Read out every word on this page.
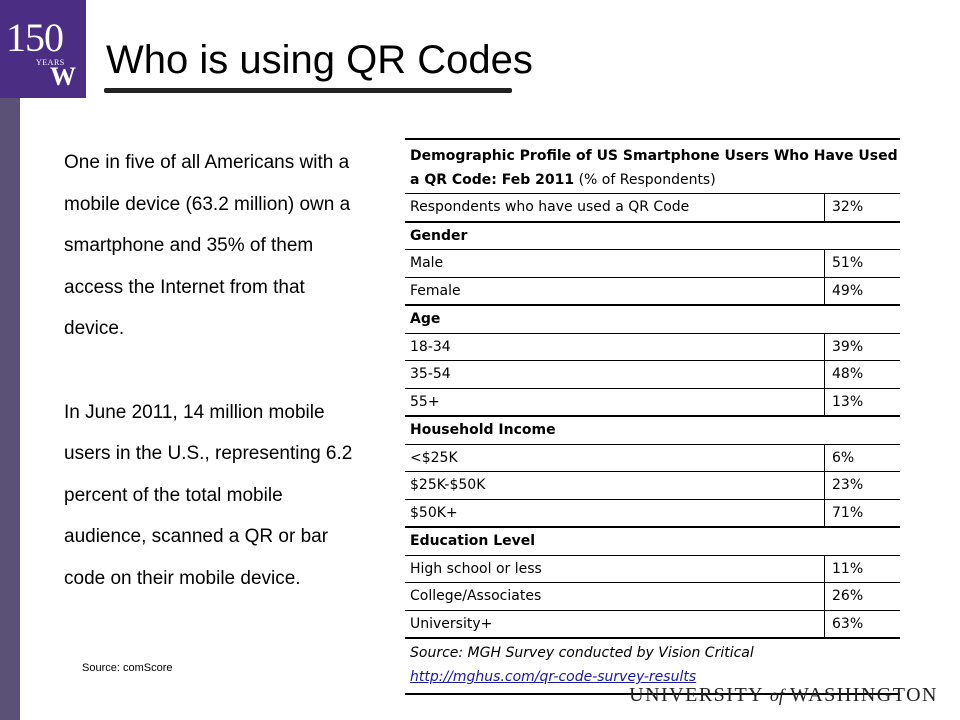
150
YEARS
W Who is using QR Codes

One in five of all Americans with a mobile device (63.2 million) own a smartphone and 35% of them access the Internet from that device.

In June 2011, 14 million mobile users in the U.S., representing 6.2 percent of the total mobile audience, scanned a QR or bar code on their mobile device.

Source: comScore
Demographic Profile of US Smartphone Users Who Have Used a QR Code: Feb 2011 (% of Respondents)	
Respondents who have used a QR Code	32%
Gender	
Male	51%
Female	49%
Age	
18-34	39%
35-54	48%
55+	13%
Household Income	
<$25K	6%
$25K-$50K	23%
$50K+	71%
Education Level	
High school or less	11%
College/Associates	26%
University+	63%
Source: MGH Survey conducted by Vision Critical
http://mghus.com/qr-code-survey-results	
UNIVERSITY of WASHINGTON
